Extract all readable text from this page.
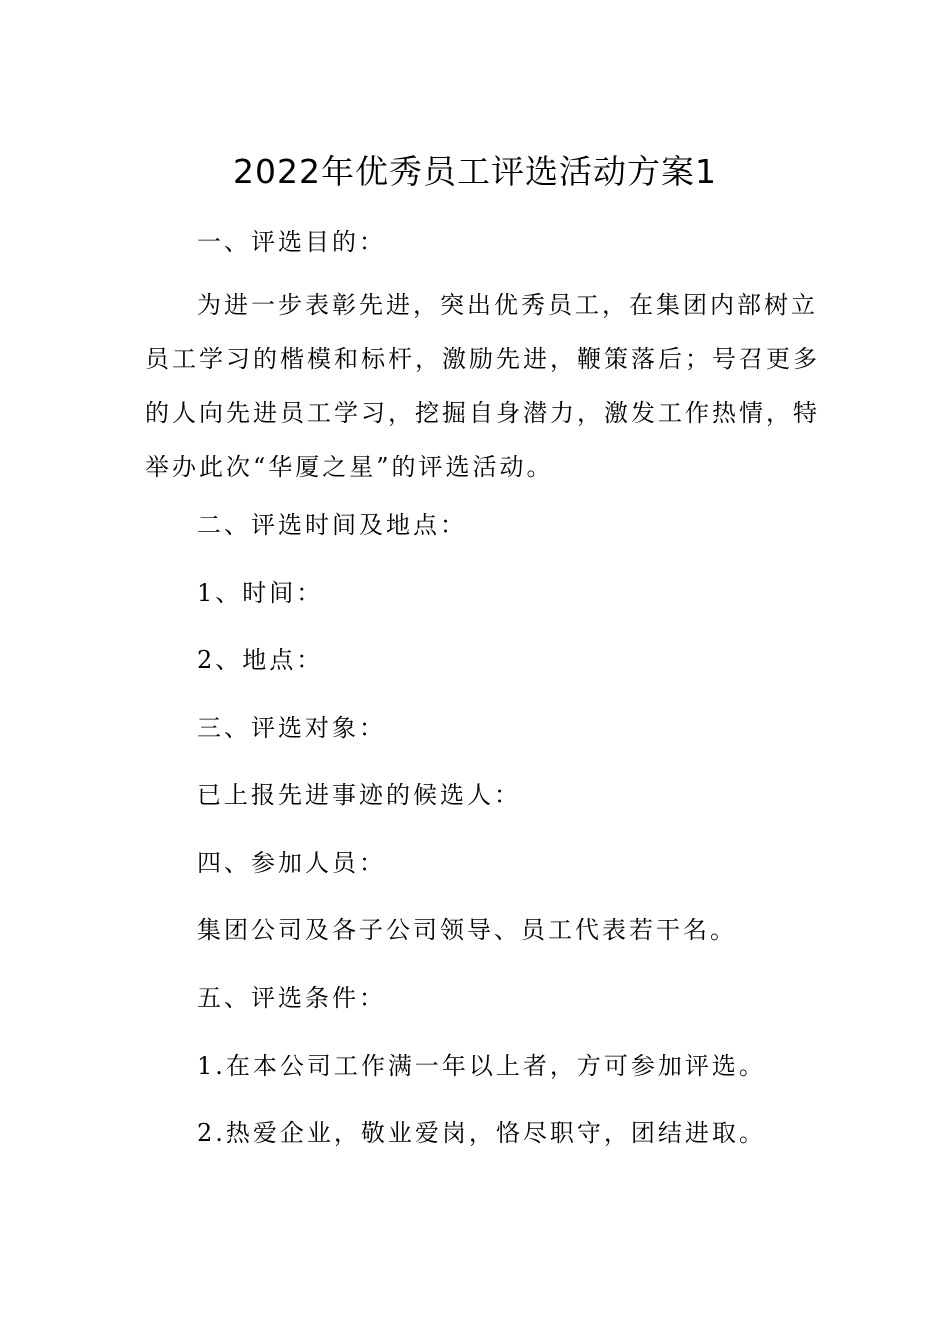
2022年优秀员工评选活动方案1
一、评选目的：
为进一步表彰先进，突出优秀员工，在集团内部树立
员工学习的楷模和标杆，激励先进，鞭策落后；号召更多
的人向先进员工学习，挖掘自身潜力，激发工作热情，特
举办此次“华厦之星”的评选活动。
二、评选时间及地点：
1、时间：
2、地点：
三、评选对象：
已上报先进事迹的候选人：
四、参加人员：
集团公司及各子公司领导、员工代表若干名。
五、评选条件：
1.在本公司工作满一年以上者，方可参加评选。
2.热爱企业，敬业爱岗，恪尽职守，团结进取。
